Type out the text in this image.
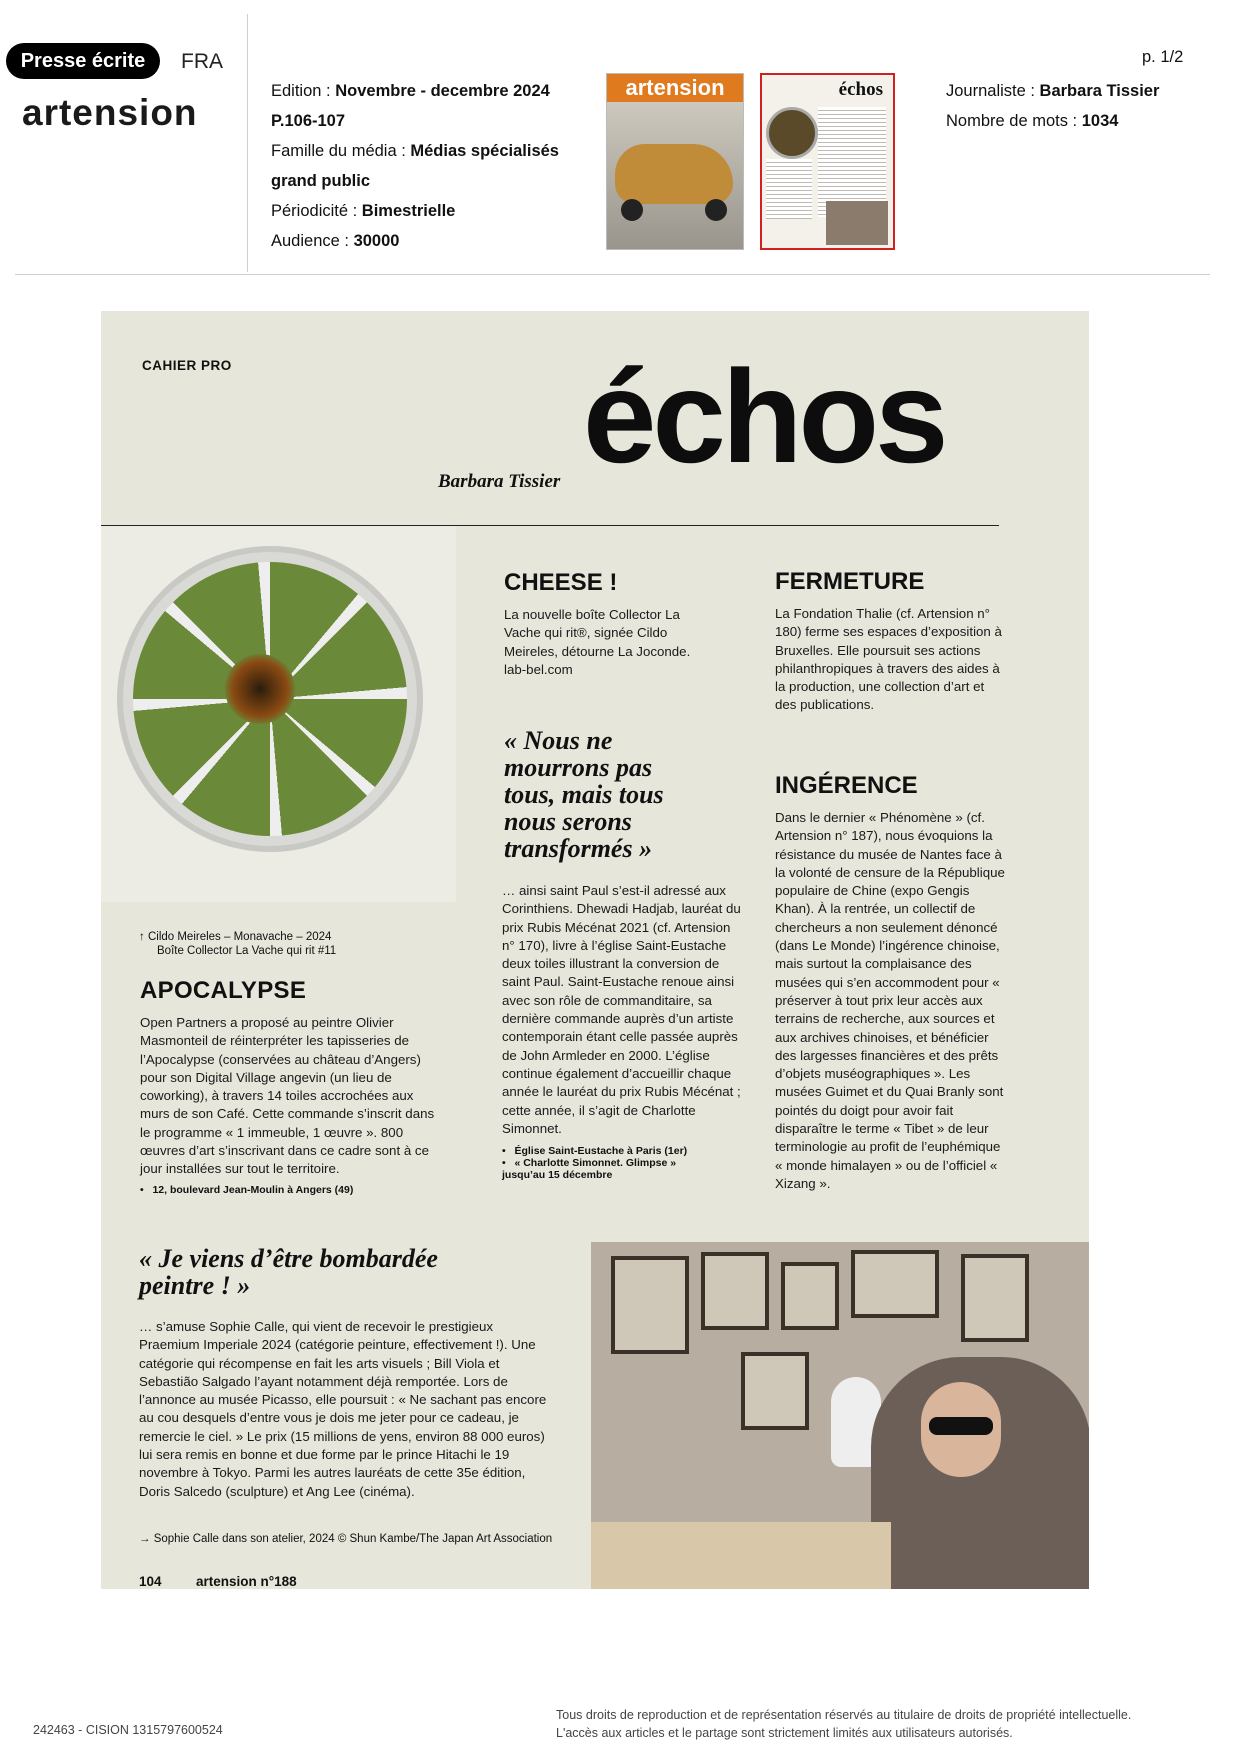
Presse écrite	FRA
artension
Edition : Novembre - decembre 2024
P.106-107
Famille du média : Médias spécialisés
grand public
Périodicité : Bimestrielle
Audience : 30000
artension	échos
p. 1/2
Journaliste : Barbara Tissier
Nombre de mots : 1034
CAHIER PRO
Barbara Tissier échos
↑ Cildo Meireles – Monavache – 2024
Boîte Collector La Vache qui rit #11
APOCALYPSE
Open Partners a proposé au peintre Olivier Masmonteil de réinterpréter les tapisseries de l’Apocalypse (conservées au château d’Angers) pour son Digital Village angevin (un lieu de coworking), à travers 14 toiles accrochées aux murs de son Café. Cette commande s’inscrit dans le programme « 1 immeuble, 1 œuvre ». 800 œuvres d’art s’inscrivant dans ce cadre sont à ce jour installées sur tout le territoire.
•   12, boulevard Jean-Moulin à Angers (49)
CHEESE !
La nouvelle boîte Collector La Vache qui rit®, signée Cildo Meireles, détourne La Joconde. lab-bel.com
« Nous ne mourrons pas tous, mais tous nous serons transformés »
… ainsi saint Paul s’est-il adressé aux Corinthiens. Dhewadi Hadjab, lauréat du prix Rubis Mécénat 2021 (cf. Artension n° 170), livre à l’église Saint-Eustache deux toiles illustrant la conversion de saint Paul. Saint-Eustache renoue ainsi avec son rôle de commanditaire, sa dernière commande auprès d’un artiste contemporain étant celle passée auprès de John Armleder en 2000. L’église continue également d’accueillir chaque année le lauréat du prix Rubis Mécénat ; cette année, il s’agit de Charlotte Simonnet.
•   Église Saint-Eustache à Paris (1er)
•   « Charlotte Simonnet. Glimpse » jusqu’au 15 décembre
FERMETURE
La Fondation Thalie (cf. Artension n° 180) ferme ses espaces d’exposition à Bruxelles. Elle poursuit ses actions philanthropiques à travers des aides à la production, une collection d’art et des publications.
INGÉRENCE
Dans le dernier « Phénomène » (cf. Artension n° 187), nous évoquions la résistance du musée de Nantes face à la volonté de censure de la République populaire de Chine (expo Gengis Khan). À la rentrée, un collectif de chercheurs a non seulement dénoncé (dans Le Monde) l’ingérence chinoise, mais surtout la complaisance des musées qui s’en accommodent pour « préserver à tout prix leur accès aux terrains de recherche, aux sources et aux archives chinoises, et bénéficier des largesses financières et des prêts d’objets muséographiques ». Les musées Guimet et du Quai Branly sont pointés du doigt pour avoir fait disparaître le terme « Tibet » de leur terminologie au profit de l’euphémique « monde himalayen » ou de l’officiel « Xizang ».
« Je viens d’être bombardée peintre ! »
… s’amuse Sophie Calle, qui vient de recevoir le prestigieux Praemium Imperiale 2024 (catégorie peinture, effectivement !). Une catégorie qui récompense en fait les arts visuels ; Bill Viola et Sebastião Salgado l’ayant notamment déjà remportée. Lors de l’annonce au musée Picasso, elle poursuit : « Ne sachant pas encore au cou desquels d’entre vous je dois me jeter pour ce cadeau, je remercie le ciel. » Le prix (15 millions de yens, environ 88 000 euros) lui sera remis en bonne et due forme par le prince Hitachi le 19 novembre à Tokyo. Parmi les autres lauréats de cette 35e édition, Doris Salcedo (sculpture) et Ang Lee (cinéma).
→ Sophie Calle dans son atelier, 2024 © Shun Kambe/The Japan Art Association
104	artension n°188
242463 - CISION 1315797600524
Tous droits de reproduction et de représentation réservés au titulaire de droits de propriété intellectuelle.
L'accès aux articles et le partage sont strictement limités aux utilisateurs autorisés.
